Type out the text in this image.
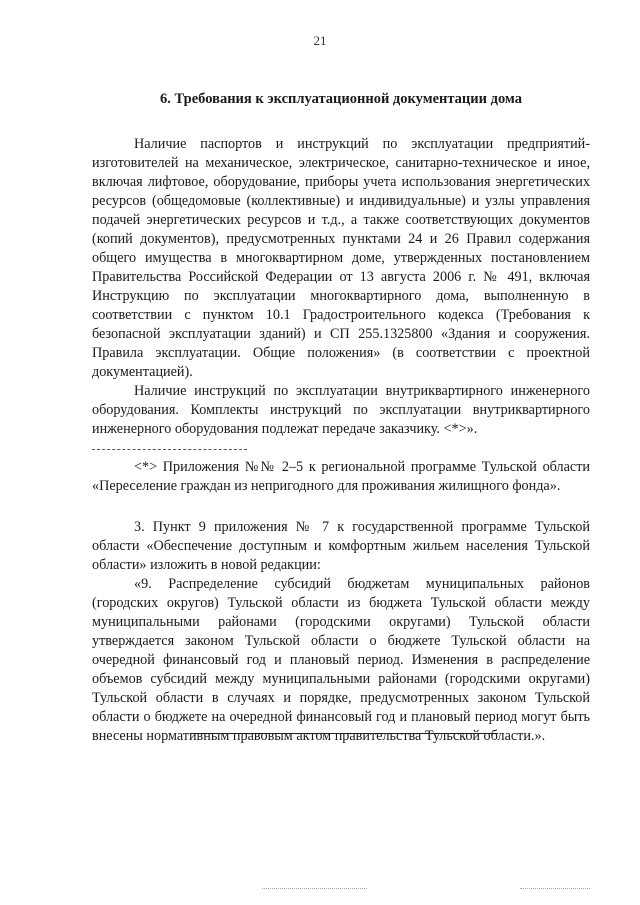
21
6. Требования к эксплуатационной документации дома

Наличие паспортов и инструкций по эксплуатации предприятий-изготовителей на механическое, электрическое, санитарно-техническое и иное, включая лифтовое, оборудование, приборы учета использования энергетических ресурсов (общедомовые (коллективные) и индивидуальные) и узлы управления подачей энергетических ресурсов и т.д., а также соответствующих документов (копий документов), предусмотренных пунктами 24 и 26 Правил содержания общего имущества в многоквартирном доме, утвержденных постановлением Правительства Российской Федерации от 13 августа 2006 г. № 491, включая Инструкцию по эксплуатации многоквартирного дома, выполненную в соответствии с пунктом 10.1 Градостроительного кодекса (Требования к безопасной эксплуатации зданий) и СП 255.1325800 «Здания и сооружения. Правила эксплуатации. Общие положения» (в соответствии с проектной документацией).

Наличие инструкций по эксплуатации внутриквартирного инженерного оборудования. Комплекты инструкций по эксплуатации внутриквартирного инженерного оборудования подлежат передаче заказчику. <*>».

<*> Приложения №№ 2–5 к региональной программе Тульской области «Переселение граждан из непригодного для проживания жилищного фонда».

3. Пункт 9 приложения № 7 к государственной программе Тульской области «Обеспечение доступным и комфортным жильем населения Тульской области» изложить в новой редакции:

«9. Распределение субсидий бюджетам муниципальных районов (городских округов) Тульской области из бюджета Тульской области между муниципальными районами (городскими округами) Тульской области утверждается законом Тульской области о бюджете Тульской области на очередной финансовый год и плановый период. Изменения в распределение объемов субсидий между муниципальными районами (городскими округами) Тульской области в случаях и порядке, предусмотренных законом Тульской области о бюджете на очередной финансовый год и плановый период могут быть внесены нормативным правовым актом правительства Тульской области.».
